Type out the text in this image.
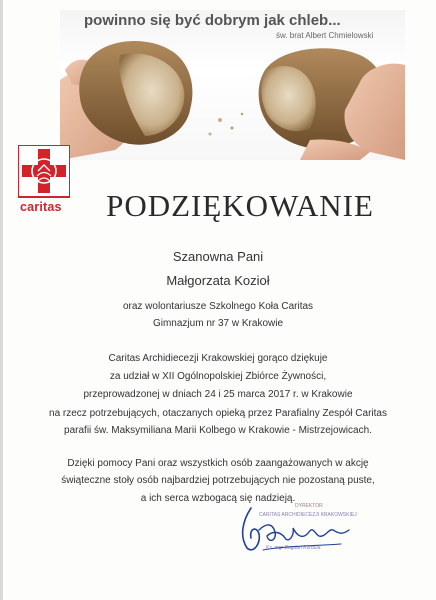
powinno się być dobrym jak chleb...
św. brat Albert Chmielowski
caritas	PODZIĘKOWANIE
Szanowna Pani
Małgorzata Kozioł
oraz wolontariusze Szkolnego Koła Caritas
Gimnazjum nr 37 w Krakowie
Caritas Archidiecezji Krakowskiej gorąco dziękuje
za udział w XII Ogólnopolskiej Zbiórce Żywności,
przeprowadzonej w dniach 24 i 25 marca 2017 r. w Krakowie
na rzecz potrzebujących, otaczanych opieką przez Parafialny Zespół Caritas
parafii św. Maksymiliana Marii Kolbego w Krakowie - Mistrzejowicach.
Dzięki pomocy Pani oraz wszystkich osób zaangażowanych w akcję
świąteczne stoły osób najbardziej potrzebujących nie pozostaną puste,
a ich serca wzbogacą się nadzieją.
DYREKTOR
CARITAS ARCHIDIECEZJI KRAKOWSKIEJ
Ks. mgr Bogdan Kordula
